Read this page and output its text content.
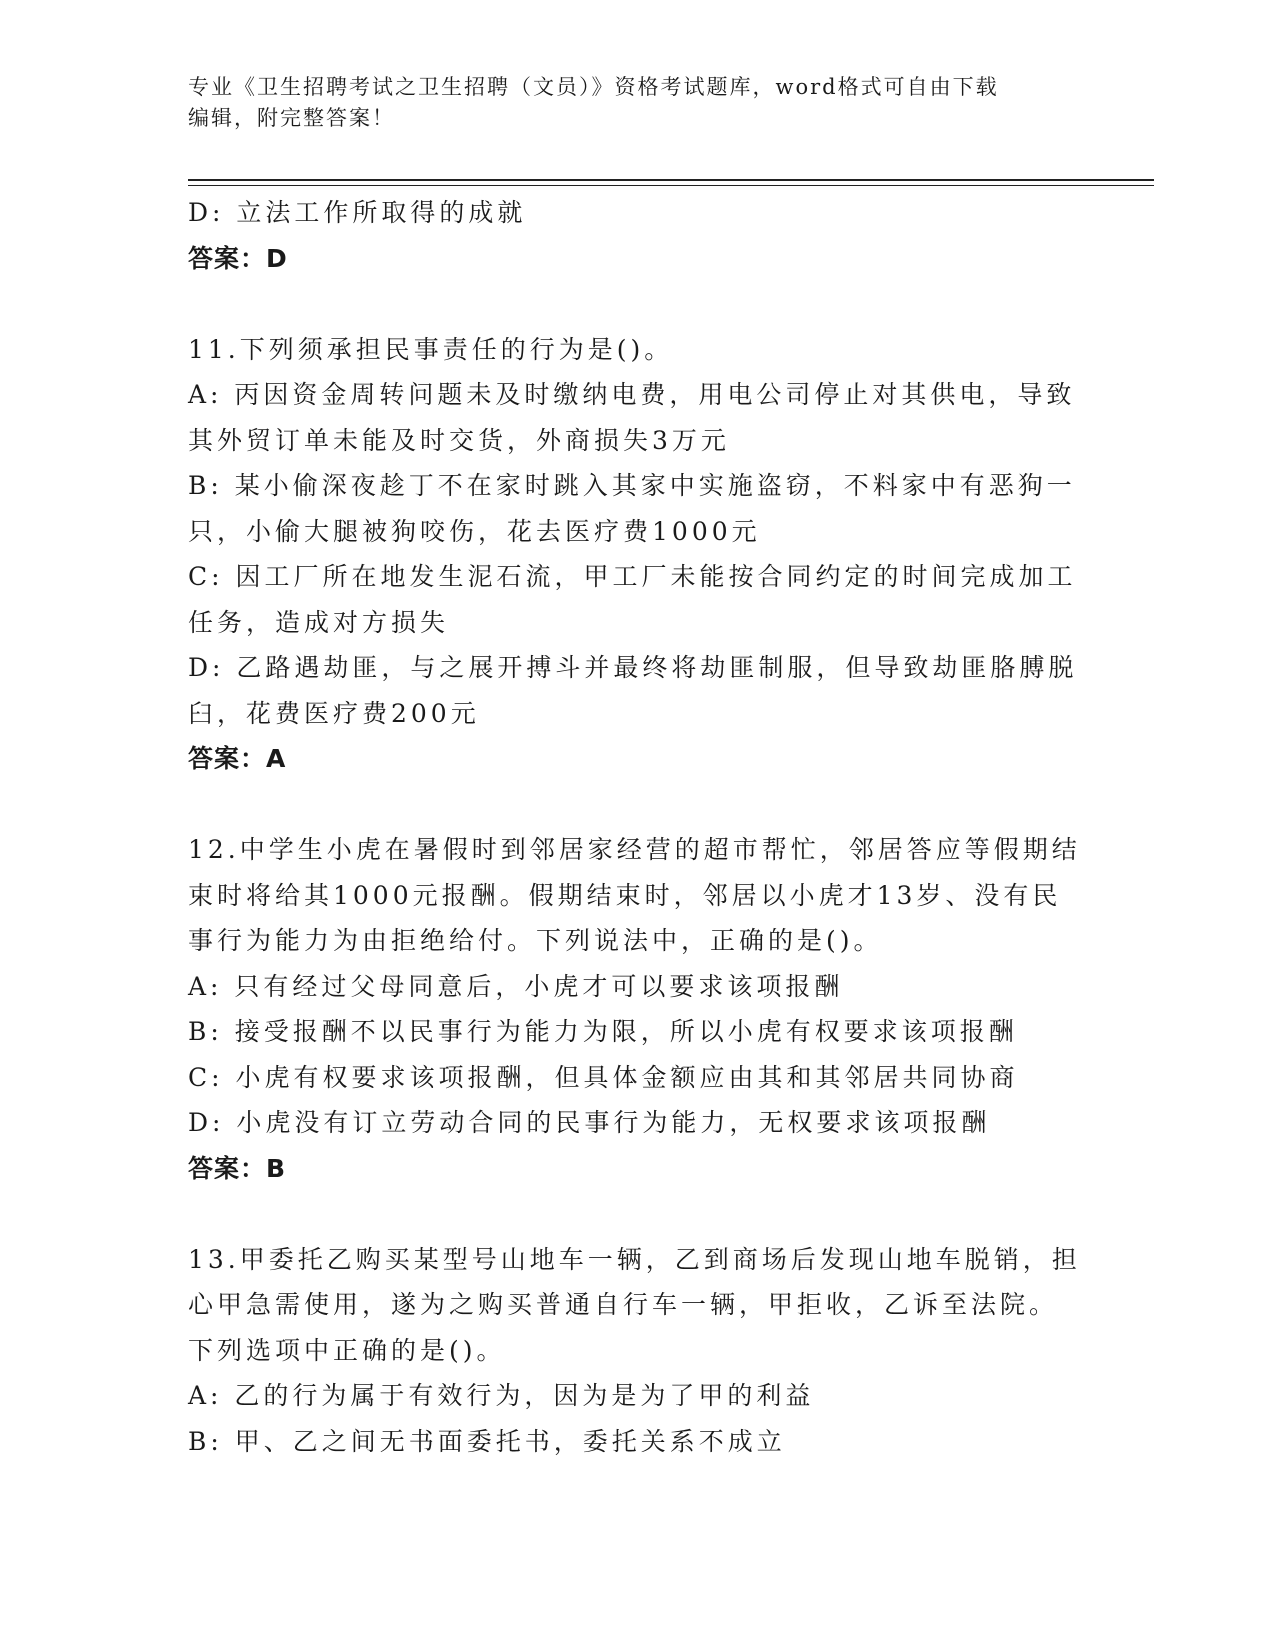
专业《卫生招聘考试之卫生招聘（文员）》资格考试题库，word格式可自由下载
编辑，附完整答案！
D: 立法工作所取得的成就
答案：D
11.下列须承担民事责任的行为是()。
A: 丙因资金周转问题未及时缴纳电费，用电公司停止对其供电，导致
其外贸订单未能及时交货，外商损失3万元
B: 某小偷深夜趁丁不在家时跳入其家中实施盗窃，不料家中有恶狗一
只，小偷大腿被狗咬伤，花去医疗费1000元
C: 因工厂所在地发生泥石流，甲工厂未能按合同约定的时间完成加工
任务，造成对方损失
D: 乙路遇劫匪，与之展开搏斗并最终将劫匪制服，但导致劫匪胳膊脱
臼，花费医疗费200元
答案：A
12.中学生小虎在暑假时到邻居家经营的超市帮忙，邻居答应等假期结
束时将给其1000元报酬。假期结束时，邻居以小虎才13岁、没有民
事行为能力为由拒绝给付。下列说法中，正确的是()。
A: 只有经过父母同意后，小虎才可以要求该项报酬
B: 接受报酬不以民事行为能力为限，所以小虎有权要求该项报酬
C: 小虎有权要求该项报酬，但具体金额应由其和其邻居共同协商
D: 小虎没有订立劳动合同的民事行为能力，无权要求该项报酬
答案：B
13.甲委托乙购买某型号山地车一辆，乙到商场后发现山地车脱销，担
心甲急需使用，遂为之购买普通自行车一辆，甲拒收，乙诉至法院。
下列选项中正确的是()。
A: 乙的行为属于有效行为，因为是为了甲的利益
B: 甲、乙之间无书面委托书，委托关系不成立
